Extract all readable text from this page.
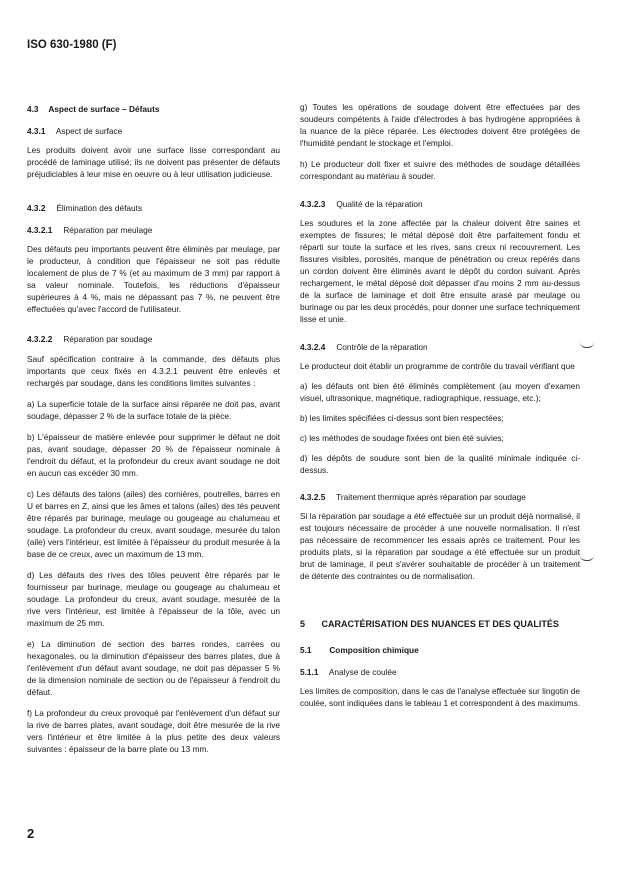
ISO 630-1980 (F)
4.3 Aspect de surface – Défauts
4.3.1 Aspect de surface

Les produits doivent avoir une surface lisse correspondant au procédé de laminage utilisé; ils ne doivent pas présenter de défauts préjudiciables à leur mise en oeuvre ou à leur utilisation judicieuse.

4.3.2 Élimination des défauts
4.3.2.1 Réparation par meulage

Des défauts peu importants peuvent être éliminés par meulage, par le producteur, à condition que l'épaisseur ne soit pas réduite localement de plus de 7 % (et au maximum de 3 mm) par rapport à sa valeur nominale. Toutefois, les réductions d'épaisseur supérieures à 4 %, mais ne dépassant pas 7 %, ne peuvent être effectuées qu'avec l'accord de l'utilisateur.

4.3.2.2 Réparation par soudage

Sauf spécification contraire à la commande, des défauts plus importants que ceux fixés en 4.3.2.1 peuvent être enlevés et rechargés par soudage, dans les conditions limites suivantes :

a) La superficie totale de la surface ainsi réparée ne doit pas, avant soudage, dépasser 2 % de la surface totale de la pièce.

b) L'épaisseur de matière enlevée pour supprimer le défaut ne doit pas, avant soudage, dépasser 20 % de l'épaisseur nominale à l'endroit du défaut, et la profondeur du creux avant soudage ne doit en aucun cas excéder 30 mm.

c) Les défauts des talons (ailes) des cornières, poutrelles, barres en U et barres en Z, ainsi que les âmes et talons (ailes) des tés peuvent être réparés par burinage, meulage ou gougeage au chalumeau et soudage. La profondeur du creux, avant soudage, mesurée du talon (aile) vers l'intérieur, est limitée à l'épaisseur du produit mesurée à la base de ce creux, avec un maximum de 13 mm.

d) Les défauts des rives des tôles peuvent être réparés par le fournisseur par burinage, meulage ou gougeage au chalumeau et soudage. La profondeur du creux, avant soudage, mesurée de la rive vers l'intérieur, est limitée à l'épaisseur de la tôle, avec un maximum de 25 mm.

e) La diminution de section des barres rondes, carrées ou hexagonales, ou la diminution d'épaisseur des barres plates, due à l'enlèvement d'un défaut avant soudage, ne doit pas dépasser 5 % de la dimension nominale de section ou de l'épaisseur à l'endroit du défaut.

f) La profondeur du creux provoqué par l'enlèvement d'un défaut sur la rive de barres plates, avant soudage, doit être mesurée de la rive vers l'intérieur et être limitée à la plus petite des deux valeurs suivantes : épaisseur de la barre plate ou 13 mm.

g) Toutes les opérations de soudage doivent être effectuées par des soudeurs compétents à l'aide d'électrodes à bas hydrogène appropriées à la nuance de la pièce réparée. Les électrodes doivent être protégées de l'humidité pendant le stockage et l'emploi.

h) Le producteur doit fixer et suivre des méthodes de soudage détaillées correspondant au matériau à souder.

4.3.2.3 Qualité de la réparation

Les soudures et la zone affectée par la chaleur doivent être saines et exemptes de fissures; le métal déposé doit être parfaitement fondu et réparti sur toute la surface et les rives, sans creux ni recouvrement. Les fissures visibles, porosités, manque de pénétration ou creux repérés dans un cordon doivent être éliminés avant le dépôt du cordon suivant. Après rechargement, le métal déposé doit dépasser d'au moins 2 mm au-dessus de la surface de laminage et doit être ensuite arasé par meulage ou burinage ou par les deux procédés, pour donner une surface techniquement lisse et unie.

4.3.2.4 Contrôle de la réparation

Le producteur doit établir un programme de contrôle du travail vérifiant que

a) les défauts ont bien été éliminés complètement (au moyen d'examen visuel, ultrasonique, magnétique, radiographique, ressuage, etc.);

b) les limites spécifiées ci-dessus sont bien respectées;

c) les méthodes de soudage fixées ont bien été suivies;

d) les dépôts de soudure sont bien de la qualité minimale indiquée ci-dessus.

4.3.2.5 Traitement thermique après réparation par soudage

Si la réparation par soudage a été effectuée sur un produit déjà normalisé, il est toujours nécessaire de procéder à une nouvelle normalisation. Il n'est pas nécessaire de recommencer les essais après ce traitement. Pour les produits plats, si la réparation par soudage a été effectuée sur un produit brut de laminage, il peut s'avérer souhaitable de procéder à un traitement de détente des contraintes ou de normalisation.

5 CARACTÉRISATION DES NUANCES ET DES QUALITÉS
5.1 Composition chimique
5.1.1 Analyse de coulée

Les limites de composition, dans le cas de l'analyse effectuée sur lingotin de coulée, sont indiquées dans le tableau 1 et correspondent à des maximums.

2
